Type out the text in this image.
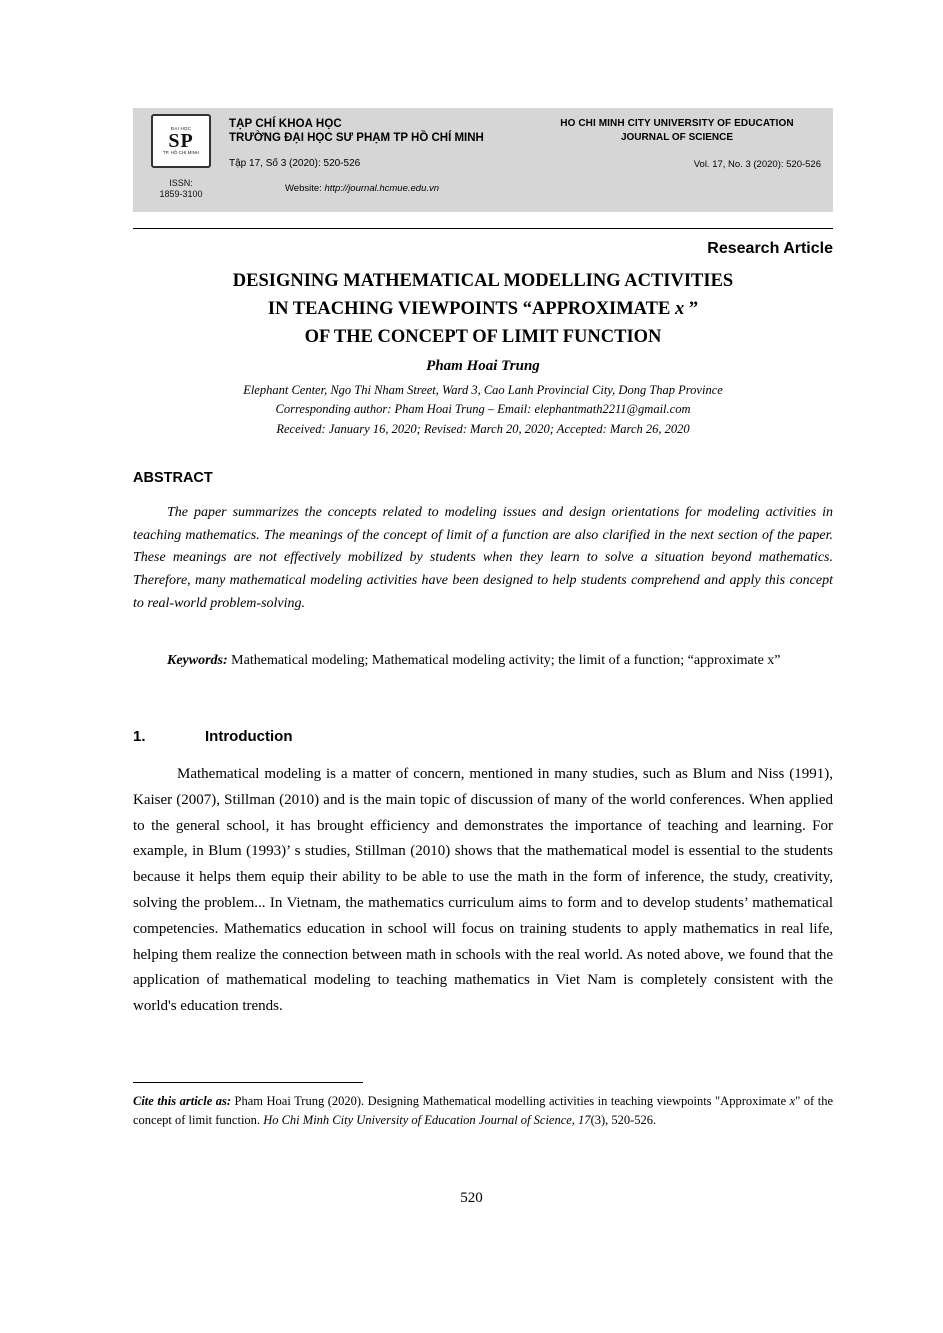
ĐẠI HỌC
SP
TP. HỒ CHÍ MINH
ISSN:
1859-3100
TẠP CHÍ KHOA HỌC
TRƯỜNG ĐẠI HỌC SƯ PHẠM TP HỒ CHÍ MINH
Tập 17, Số 3 (2020): 520-526
Website: http://journal.hcmue.edu.vn
HO CHI MINH CITY UNIVERSITY OF EDUCATION
JOURNAL OF SCIENCE
Vol. 17, No. 3 (2020): 520-526
Research Article
DESIGNING MATHEMATICAL MODELLING ACTIVITIES
IN TEACHING VIEWPOINTS “APPROXIMATE x ”
OF THE CONCEPT OF LIMIT FUNCTION
Pham Hoai Trung
Elephant Center, Ngo Thi Nham Street, Ward 3, Cao Lanh Provincial City, Dong Thap Province
Corresponding author: Pham Hoai Trung – Email: elephantmath2211@gmail.com
Received: January 16, 2020; Revised: March 20, 2020; Accepted: March 26, 2020
ABSTRACT
The paper summarizes the concepts related to modeling issues and design orientations for modeling activities in teaching mathematics. The meanings of the concept of limit of a function are also clarified in the next section of the paper. These meanings are not effectively mobilized by students when they learn to solve a situation beyond mathematics. Therefore, many mathematical modeling activities have been designed to help students comprehend and apply this concept to real-world problem-solving.
Keywords: Mathematical modeling; Mathematical modeling activity; the limit of a function; “approximate x”
1.	Introduction
Mathematical modeling is a matter of concern, mentioned in many studies, such as Blum and Niss (1991), Kaiser (2007), Stillman (2010) and is the main topic of discussion of many of the world conferences. When applied to the general school, it has brought efficiency and demonstrates the importance of teaching and learning. For example, in Blum (1993)’ s studies, Stillman (2010) shows that the mathematical model is essential to the students because it helps them equip their ability to be able to use the math in the form of inference, the study, creativity, solving the problem... In Vietnam, the mathematics curriculum aims to form and to develop students’ mathematical competencies. Mathematics education in school will focus on training students to apply mathematics in real life, helping them realize the connection between math in schools with the real world. As noted above, we found that the application of mathematical modeling to teaching mathematics in Viet Nam is completely consistent with the world's education trends.
Cite this article as: Pham Hoai Trung (2020). Designing Mathematical modelling activities in teaching viewpoints "Approximate x" of the concept of limit function. Ho Chi Minh City University of Education Journal of Science, 17(3), 520-526.
520
